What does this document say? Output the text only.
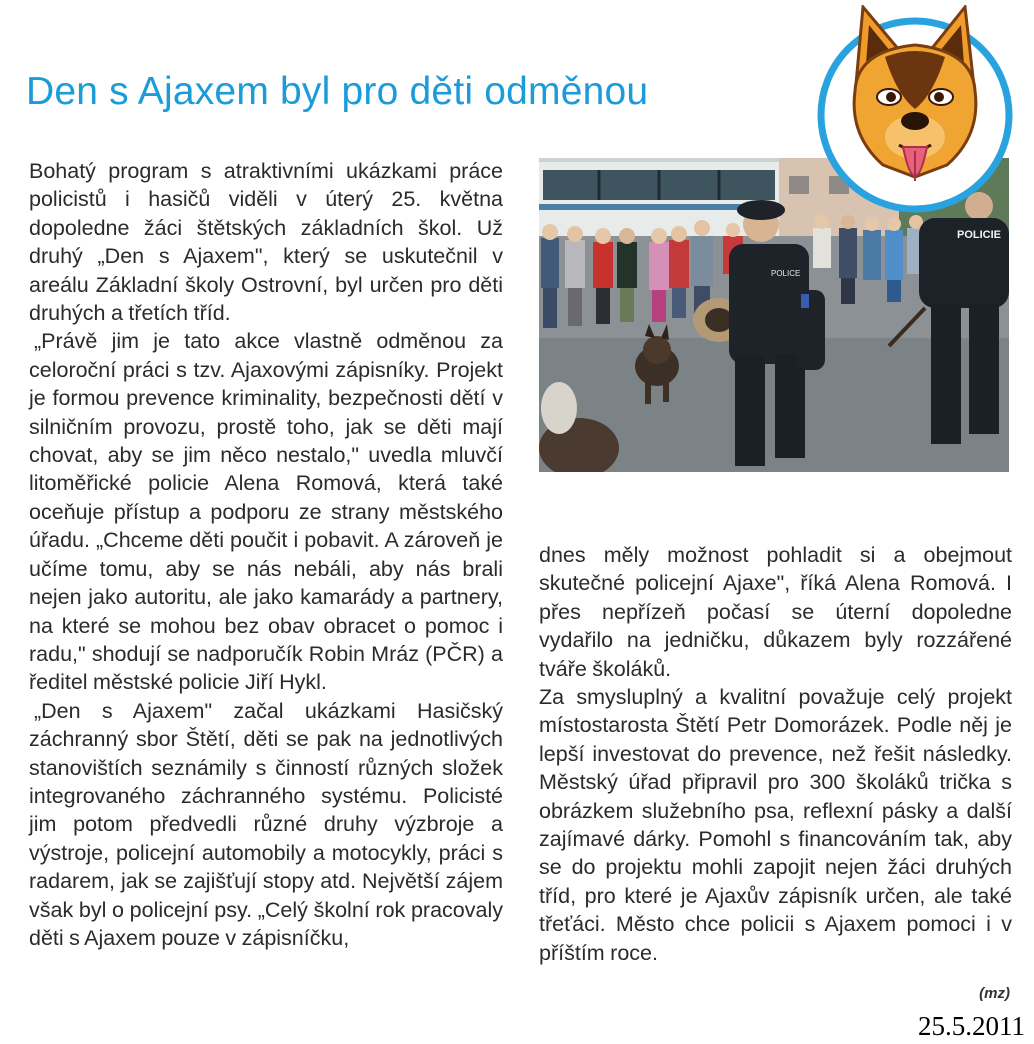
Den s Ajaxem byl pro děti odměnou

Bohatý program s atraktivními ukázkami práce policistů i hasičů viděli v úterý 25. května dopoledne žáci štětských základních škol. Už druhý „Den s Ajaxem", který se uskutečnil v areálu Základní školy Ostrovní, byl určen pro děti druhých a třetích tříd.

„Právě jim je tato akce vlastně odměnou za celoroční práci s tzv. Ajaxovými zápisníky. Projekt je formou prevence kriminality, bezpečnosti dětí v silničním provozu, prostě toho, jak se děti mají chovat, aby se jim něco nestalo," uvedla mluvčí litoměřické policie Alena Romová, která také oceňuje přístup a podporu ze strany městského úřadu. „Chceme děti poučit i pobavit. A zároveň je učíme tomu, aby se nás nebáli, aby nás brali nejen jako autoritu, ale jako kamarády a partnery, na které se mohou bez obav obracet o pomoc i radu," shodují se nadporučík Robin Mráz (PČR) a ředitel městské policie Jiří Hykl.

„Den s Ajaxem" začal ukázkami Hasičský záchranný sbor Štětí, děti se pak na jednotlivých stanovištích seznámily s činností různých složek integrovaného záchranného systému. Policisté jim potom předvedli různé druhy výzbroje a výstroje, policejní automobily a motocykly, práci s radarem, jak se zajišťují stopy atd. Největší zájem však byl o policejní psy. „Celý školní rok pracovaly děti s Ajaxem pouze v zápisníčku,

POLICE
POLICIE

dnes měly možnost pohladit si a obejmout skutečné policejní Ajaxe", říká Alena Romová. I přes nepřízeň počasí se úterní dopoledne vydařilo na jedničku, důkazem byly rozzářené tváře školáků.

Za smysluplný a kvalitní považuje celý projekt místostarosta Štětí Petr Domorázek. Podle něj je lepší investovat do prevence, než řešit následky. Městský úřad připravil pro 300 školáků trička s obrázkem služebního psa, reflexní pásky a další zajímavé dárky. Pomohl s financováním tak, aby se do projektu mohli zapojit nejen žáci druhých tříd, pro které je Ajaxův zápisník určen, ale také třeťáci. Město chce policii s Ajaxem pomoci i v příštím roce.

(mz)

25.5.2011
